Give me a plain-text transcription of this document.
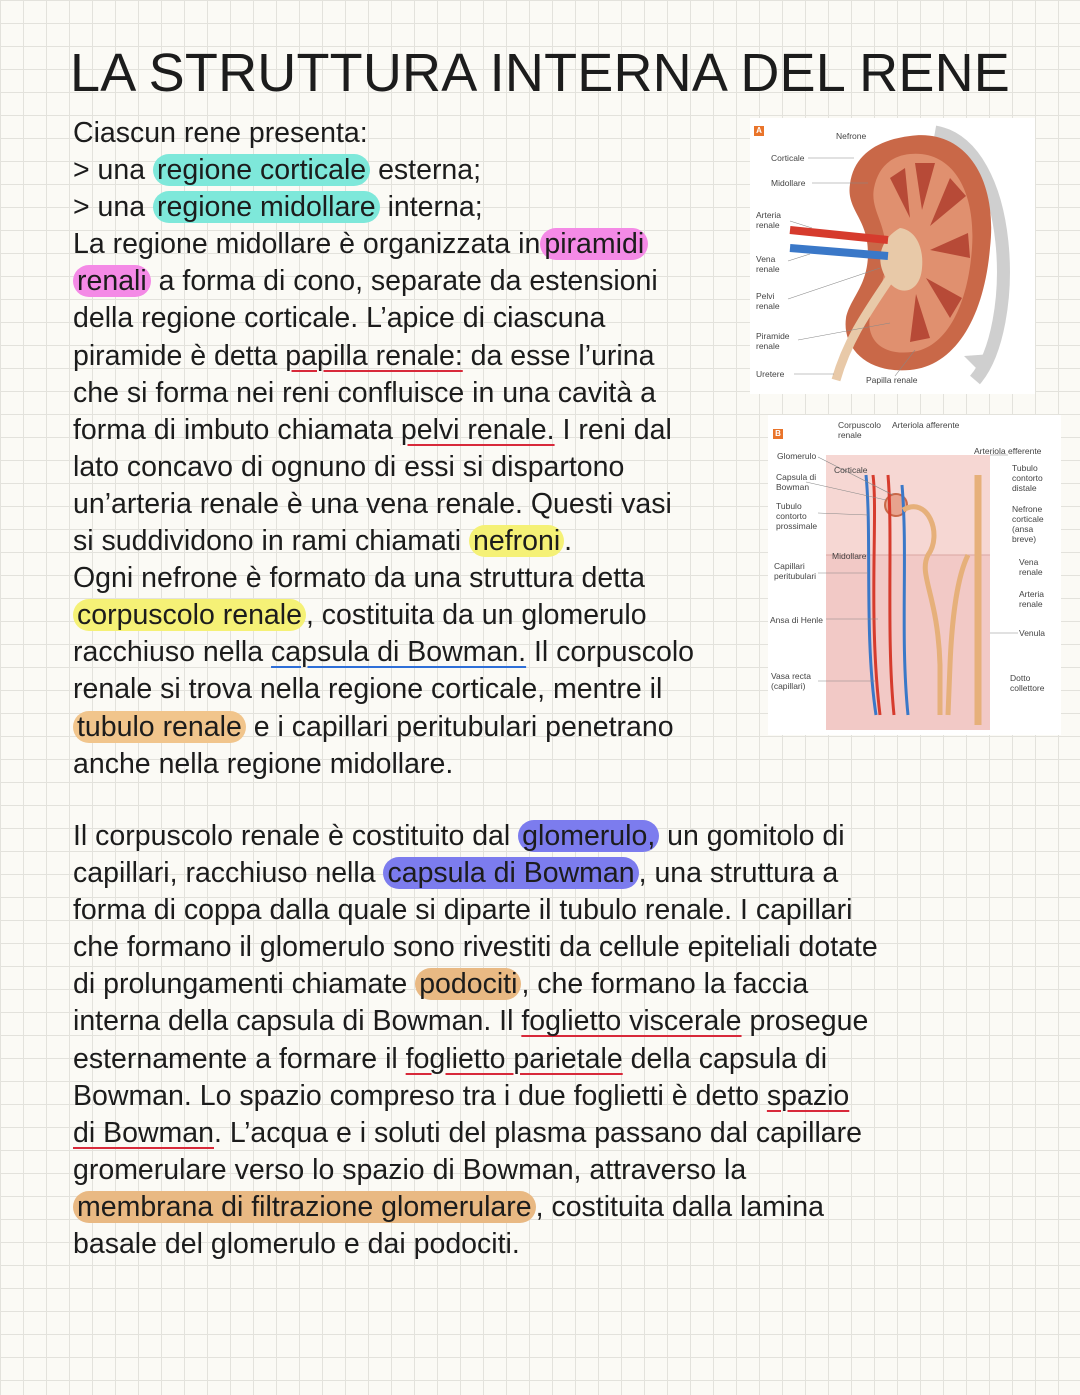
LA STRUTTURA INTERNA DEL RENE
Ciascun rene presenta:
> una regione corticale esterna;
> una regione midollare interna;
La regione midollare è organizzata in piramidi
renali a forma di cono, separate da estensioni
della regione corticale. L’apice di ciascuna
piramide è detta papilla renale: da esse l’urina
che si forma nei reni confluisce in una cavità a
forma di imbuto chiamata pelvi renale. I reni dal
lato concavo di ognuno di essi si dispartono
un’arteria renale è una vena renale. Questi vasi
si suddividono in rami chiamati nefroni .
Ogni nefrone è formato da una struttura detta
corpuscolo renale , costituita da un glomerulo
racchiuso nella capsula di Bowman. Il corpuscolo
renale si trova nella regione corticale, mentre il
tubulo renale e i capillari peritubulari penetrano
anche nella regione midollare.
Il corpuscolo renale è costituito dal glomerulo, un gomitolo di
capillari, racchiuso nella capsula di Bowman , una struttura a
forma di coppa dalla quale si diparte il tubulo renale. I capillari
che formano il glomerulo sono rivestiti da cellule epiteliali dotate
di prolungamenti chiamate podociti , che formano la faccia
interna della capsula di Bowman. Il foglietto viscerale prosegue
esternamente a formare il foglietto parietale della capsula di
Bowman. Lo spazio compreso tra i due foglietti è detto spazio
di Bowman. L’acqua e i soluti del plasma passano dal capillare
gromerulare verso lo spazio di Bowman, attraverso la
membrana di filtrazione glomerulare , costituita dalla lamina
basale del glomerulo e dai podociti.
A
Nefrone
Corticale
Midollare
Arteria
renale
Vena
renale
Pelvi
renale
Piramide
renale
Uretere
Papilla renale
B
Corpuscolo
renale
Arteriola afferente
Arteriola efferente
Glomerulo
Corticale
Capsula di
Bowman
Tubulo
contorto
prossimale
Tubulo
contorto
distale
Nefrone
corticale
(ansa
breve)
Midollare
Capillari
peritubulari
Vena
renale
Arteria
renale
Ansa di Henle
Venula
Vasa recta
(capillari)
Dotto
collettore
